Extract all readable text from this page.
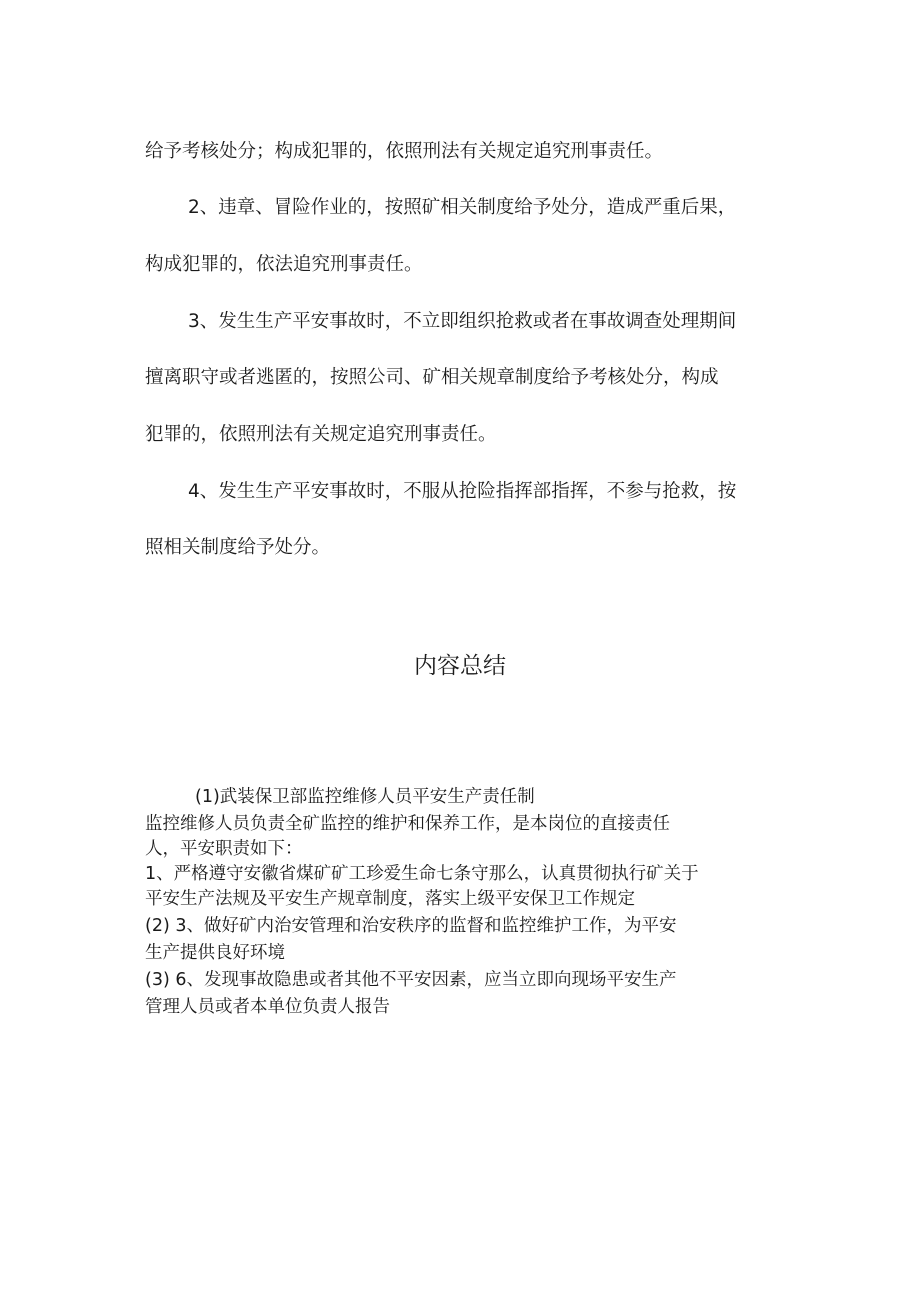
给予考核处分；构成犯罪的，依照刑法有关规定追究刑事责任。
2、违章、冒险作业的，按照矿相关制度给予处分，造成严重后果，
构成犯罪的，依法追究刑事责任。
3、发生生产平安事故时，不立即组织抢救或者在事故调查处理期间
擅离职守或者逃匿的，按照公司、矿相关规章制度给予考核处分，构成
犯罪的，依照刑法有关规定追究刑事责任。
4、发生生产平安事故时，不服从抢险指挥部指挥，不参与抢救，按
照相关制度给予处分。
内容总结
(1)武装保卫部监控维修人员平安生产责任制
监控维修人员负责全矿监控的维护和保养工作，是本岗位的直接责任
人，平安职责如下：
1、严格遵守安徽省煤矿矿工珍爱生命七条守那么，认真贯彻执行矿关于
平安生产法规及平安生产规章制度，落实上级平安保卫工作规定
(2) 3、做好矿内治安管理和治安秩序的监督和监控维护工作，为平安
生产提供良好环境
(3) 6、发现事故隐患或者其他不平安因素，应当立即向现场平安生产
管理人员或者本单位负责人报告
